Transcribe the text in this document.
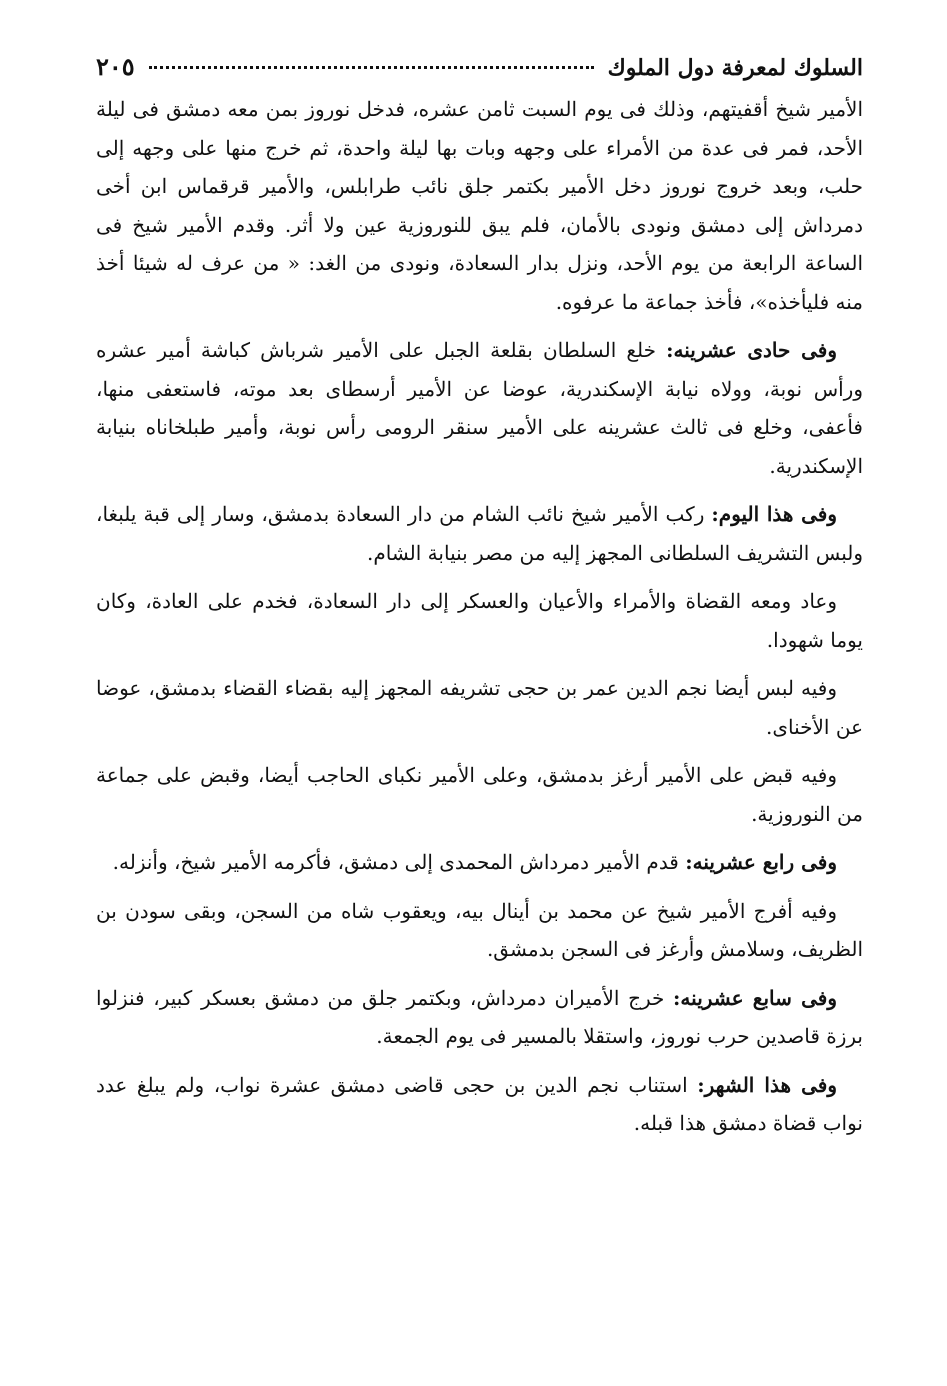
السلوك لمعرفة دول الملوك
٢٠٥

الأمير شيخ أقفيتهم، وذلك فى يوم السبت ثامن عشره، فدخل نوروز بمن معه دمشق فى ليلة الأحد، فمر فى عدة من الأمراء على وجهه وبات بها ليلة واحدة، ثم خرج منها على وجهه إلى حلب، وبعد خروج نوروز دخل الأمير بكتمر جلق نائب طرابلس، والأمير قرقماس ابن أخى دمرداش إلى دمشق ونودى بالأمان، فلم يبق للنوروزية عين ولا أثر. وقدم الأمير شيخ فى الساعة الرابعة من يوم الأحد، ونزل بدار السعادة، ونودى من الغد: « من عرف له شيئا أخذ منه فليأخذه»، فأخذ جماعة ما عرفوه.

وفى حادى عشرينه: خلع السلطان بقلعة الجبل على الأمير شرباش كباشة أمير عشره ورأس نوبة، وولاه نيابة الإسكندرية، عوضا عن الأمير أرسطاى بعد موته، فاستعفى منها، فأعفى، وخلع فى ثالث عشرينه على الأمير سنقر الرومى رأس نوبة، وأمير طبلخاناه بنيابة الإسكندرية.

وفى هذا اليوم: ركب الأمير شيخ نائب الشام من دار السعادة بدمشق، وسار إلى قبة يلبغا، ولبس التشريف السلطانى المجهز إليه من مصر بنيابة الشام.

وعاد ومعه القضاة والأمراء والأعيان والعسكر إلى دار السعادة، فخدم على العادة، وكان يوما شهودا.

وفيه لبس أيضا نجم الدين عمر بن حجى تشريفه المجهز إليه بقضاء القضاء بدمشق، عوضا عن الأخناى.

وفيه قبض على الأمير أرغز بدمشق، وعلى الأمير نكباى الحاجب أيضا، وقبض على جماعة من النوروزية.

وفى رابع عشرينه: قدم الأمير دمرداش المحمدى إلى دمشق، فأكرمه الأمير شيخ، وأنزله.

وفيه أفرج الأمير شيخ عن محمد بن أينال بيه، ويعقوب شاه من السجن، وبقى سودن بن الظريف، وسلامش وأرغز فى السجن بدمشق.

وفى سابع عشرينه: خرج الأميران دمرداش، وبكتمر جلق من دمشق بعسكر كبير، فنزلوا برزة قاصدين حرب نوروز، واستقلا بالمسير فى يوم الجمعة.

وفى هذا الشهر: استناب نجم الدين بن حجى قاضى دمشق عشرة نواب، ولم يبلغ عدد نواب قضاة دمشق هذا قبله.
